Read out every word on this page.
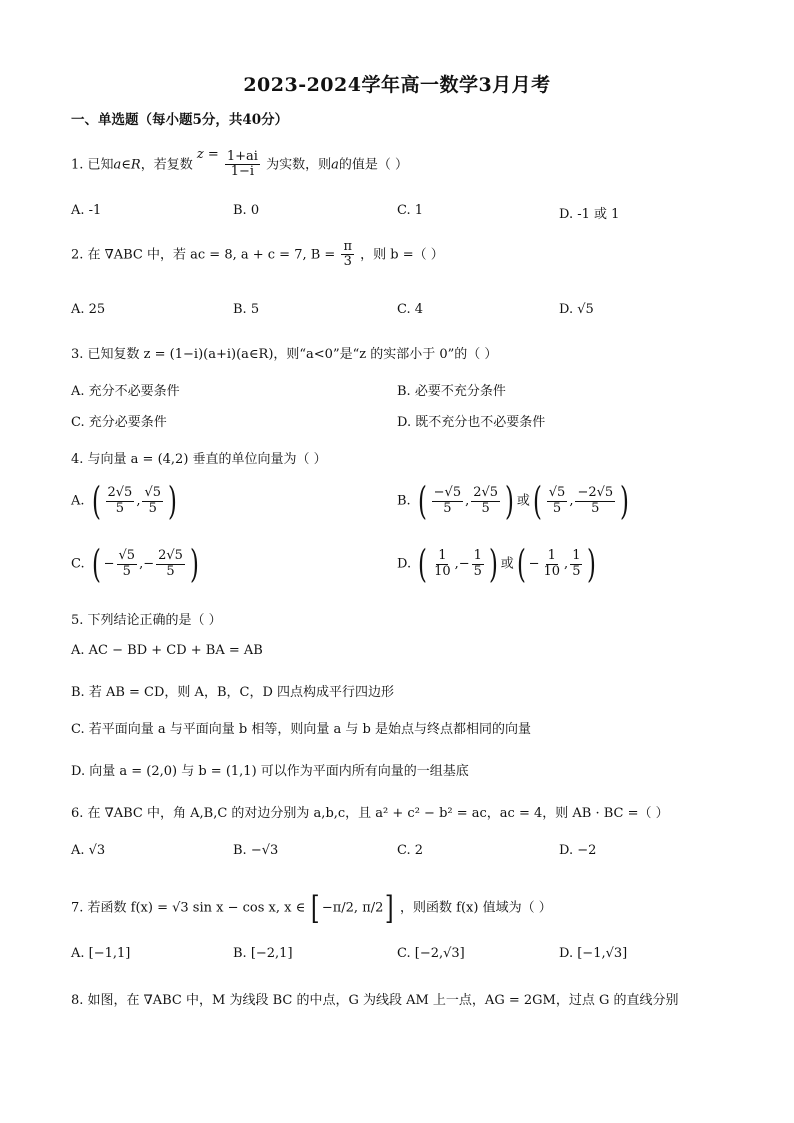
2023-2024学年高一数学3月月考
一、单选题（每小题5分，共40分）
1. 已知a∈R，若复数 $z = \frac{1+ai}{1-i}$ 为实数，则a的值是（ ）
A. -1	B. 0	C. 1	D. -1 或 1
2. 在 ∇ABC 中，若 ac = 8, a + c = 7, $B = \frac{\pi}{3}$ ，则 b =（ ）
A. 25	B. 5	C. 4	D. √5
3. 已知复数 z = (1−i)(a+i)(a∈R)，则“a<0”是“z 的实部小于 0”的（ ）
A. 充分不必要条件	B. 必要不充分条件
C. 充分必要条件	D. 既不充分也不必要条件
4. 与向量 a = (4,2) 垂直的单位向量为（ ）
A. ( $\frac{2√5}{5}$ , $\frac{√5}{5}$ )	B. ( $\frac{-√5}{5}$ , $\frac{2√5}{5}$ ) 或( $\frac{√5}{5}$ , $\frac{-2√5}{5}$ )
C. ( − $\frac{√5}{5}$ ,− $\frac{2√5}{5}$ )	D. ( $\frac{1}{10}$ ,− $\frac{1}{5}$ ) 或( − $\frac{1}{10}$ , $\frac{1}{5}$ )
5. 下列结论正确的是（ ）
A. AC − BD + CD + BA = AB
B. 若 AB = CD，则 A，B，C，D 四点构成平行四边形
C. 若平面向量 a 与平面向量 b 相等，则向量 a 与 b 是始点与终点都相同的向量
D. 向量 a = (2,0) 与 b = (1,1) 可以作为平面内所有向量的一组基底
6. 在 ∇ABC 中，角 A,B,C 的对边分别为 a,b,c，且 a² + c² − b² = ac，ac = 4，则 AB · BC =（ ）
A. √3	B. −√3	C. 2	D. −2
7. 若函数 f(x) = √3 sin x − cos x, x ∈ [ −π/2, π/2] ，则函数 f(x) 值域为（ ）
A. [−1,1]	B. [−2,1]	C. [−2,√3]	D. [−1,√3]
8. 如图，在 ∇ABC 中，M 为线段 BC 的中点，G 为线段 AM 上一点，AG = 2GM，过点 G 的直线分别
